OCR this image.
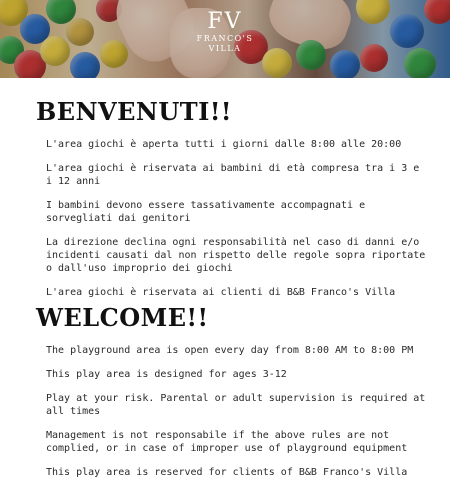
FV
FRANCO'S
VILLA
BENVENUTI!!
L'area giochi è aperta tutti i giorni dalle 8:00 alle 20:00
L'area giochi è riservata ai bambini di età compresa tra i 3 e i 12 anni
I bambini devono essere tassativamente accompagnati e sorvegliati dai genitori
La direzione declina ogni responsabilità nel caso di danni e/o incidenti causati dal non rispetto delle regole sopra riportate o dall'uso improprio dei giochi
L'area giochi è riservata ai clienti di B&B Franco's Villa
WELCOME!!
The playground area is open every day from 8:00 AM to 8:00 PM
This play area is designed for ages 3-12
Play at your risk. Parental or adult supervision is required at all times
Management is not responsabile if the above rules are not complied, or in case of improper use of playground equipment
This play area is reserved for clients of B&B Franco's Villa
